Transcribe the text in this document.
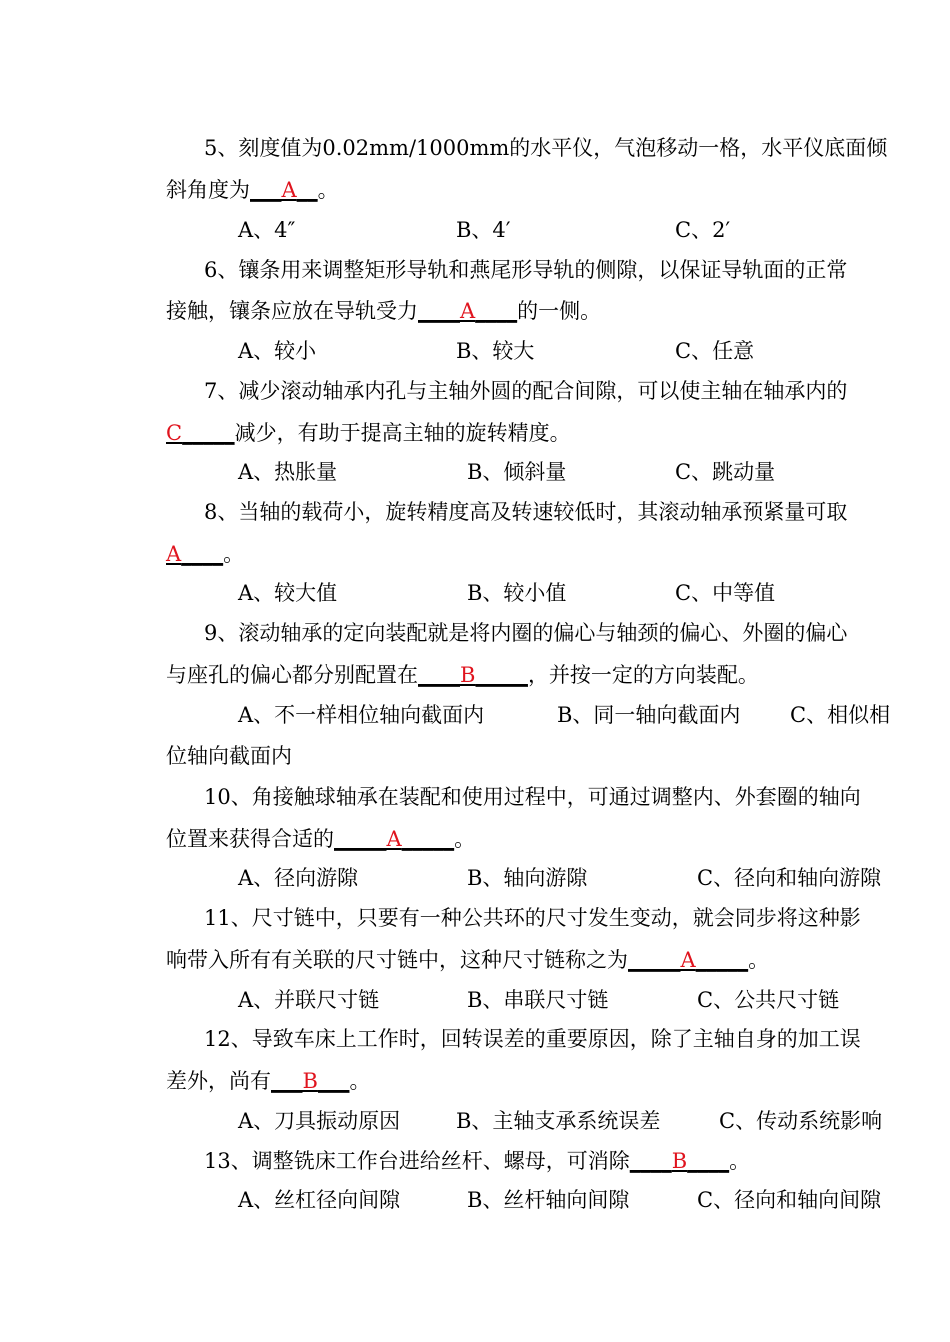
5、刻度值为0.02mm/1000mm的水平仪，气泡移动一格，水平仪底面倾
斜角度为___A__。
A、4″	B、4′	C、2′
6、镶条用来调整矩形导轨和燕尾形导轨的侧隙，以保证导轨面的正常
接触，镶条应放在导轨受力____A____的一侧。
A、较小	B、较大	C、任意
7、减少滚动轴承内孔与主轴外圆的配合间隙，可以使主轴在轴承内的
C_____减少，有助于提高主轴的旋转精度。
A、热胀量	B、倾斜量	C、跳动量
8、当轴的载荷小，旋转精度高及转速较低时，其滚动轴承预紧量可取
A____。
A、较大值	B、较小值	C、中等值
9、滚动轴承的定向装配就是将内圈的偏心与轴颈的偏心、外圈的偏心
与座孔的偏心都分别配置在____B_____，并按一定的方向装配。
A、不一样相位轴向截面内	B、同一轴向截面内 C、相似相
位轴向截面内
10、角接触球轴承在装配和使用过程中，可通过调整内、外套圈的轴向
位置来获得合适的_____A_____。
A、径向游隙	B、轴向游隙	C、径向和轴向游隙
11、尺寸链中，只要有一种公共环的尺寸发生变动，就会同步将这种影
响带入所有有关联的尺寸链中，这种尺寸链称之为_____A_____。
A、并联尺寸链	B、串联尺寸链	C、公共尺寸链
12、导致车床上工作时，回转误差的重要原因，除了主轴自身的加工误
差外，尚有___B___。
A、刀具振动原因	B、主轴支承系统误差	C、传动系统影响
13、调整铣床工作台进给丝杆、螺母，可消除____B____。
A、丝杠径向间隙	B、丝杆轴向间隙	C、径向和轴向间隙
